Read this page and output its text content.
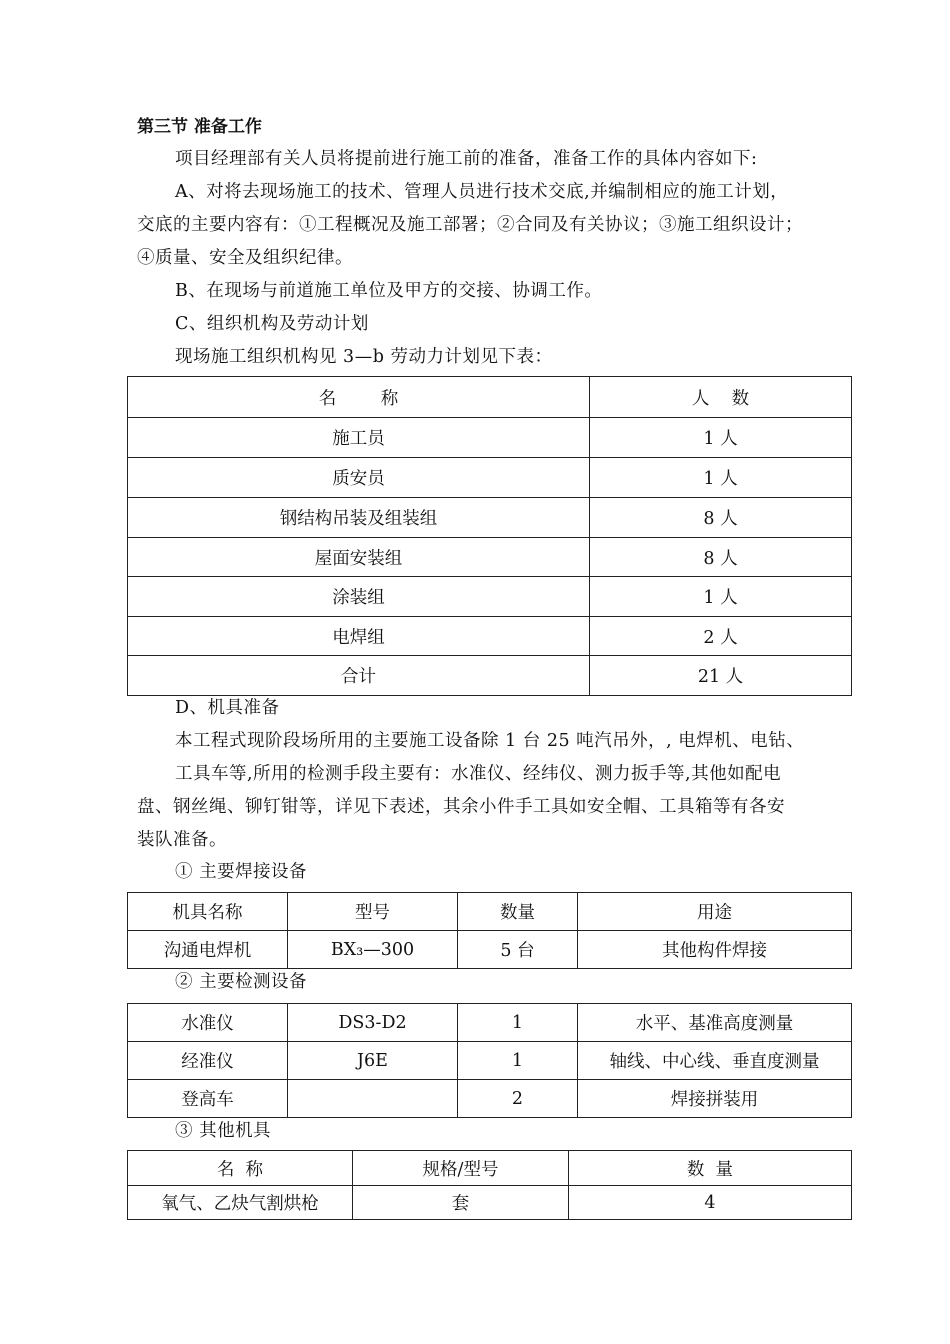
第三节 准备工作
项目经理部有关人员将提前进行施工前的准备，准备工作的具体内容如下:
A、对将去现场施工的技术、管理人员进行技术交底,并编制相应的施工计划，
交底的主要内容有：①工程概况及施工部署；②合同及有关协议；③施工组织设计；
④质量、安全及组织纪律。
B、在现场与前道施工单位及甲方的交接、协调工作。
C、组织机构及劳动计划
现场施工组织机构见 3—b 劳动力计划见下表：
名        称	人    数
施工员	1 人
质安员	1 人
钢结构吊装及组装组	8 人
屋面安装组	8 人
涂装组	1 人
电焊组	2 人
合计	21 人
D、机具准备
本工程式现阶段场所用的主要施工设备除 1 台 25 吨汽吊外，, 电焊机、电钻、
工具车等,所用的检测手段主要有：水准仪、经纬仪、测力扳手等,其他如配电
盘、钢丝绳、铆钉钳等，详见下表述，其余小件手工具如安全帽、工具箱等有各安
装队准备。
① 主要焊接设备
机具名称	型号	数量	用途
沟通电焊机	BX₃—300	5 台	其他构件焊接
② 主要检测设备
水准仪	DS3-D2	1	水平、基准高度测量
经准仪	J6E	1	轴线、中心线、垂直度测量
登高车		2	焊接拼装用
③ 其他机具
名  称	规格/型号	数  量
氧气、乙炔气割烘枪	套	4
